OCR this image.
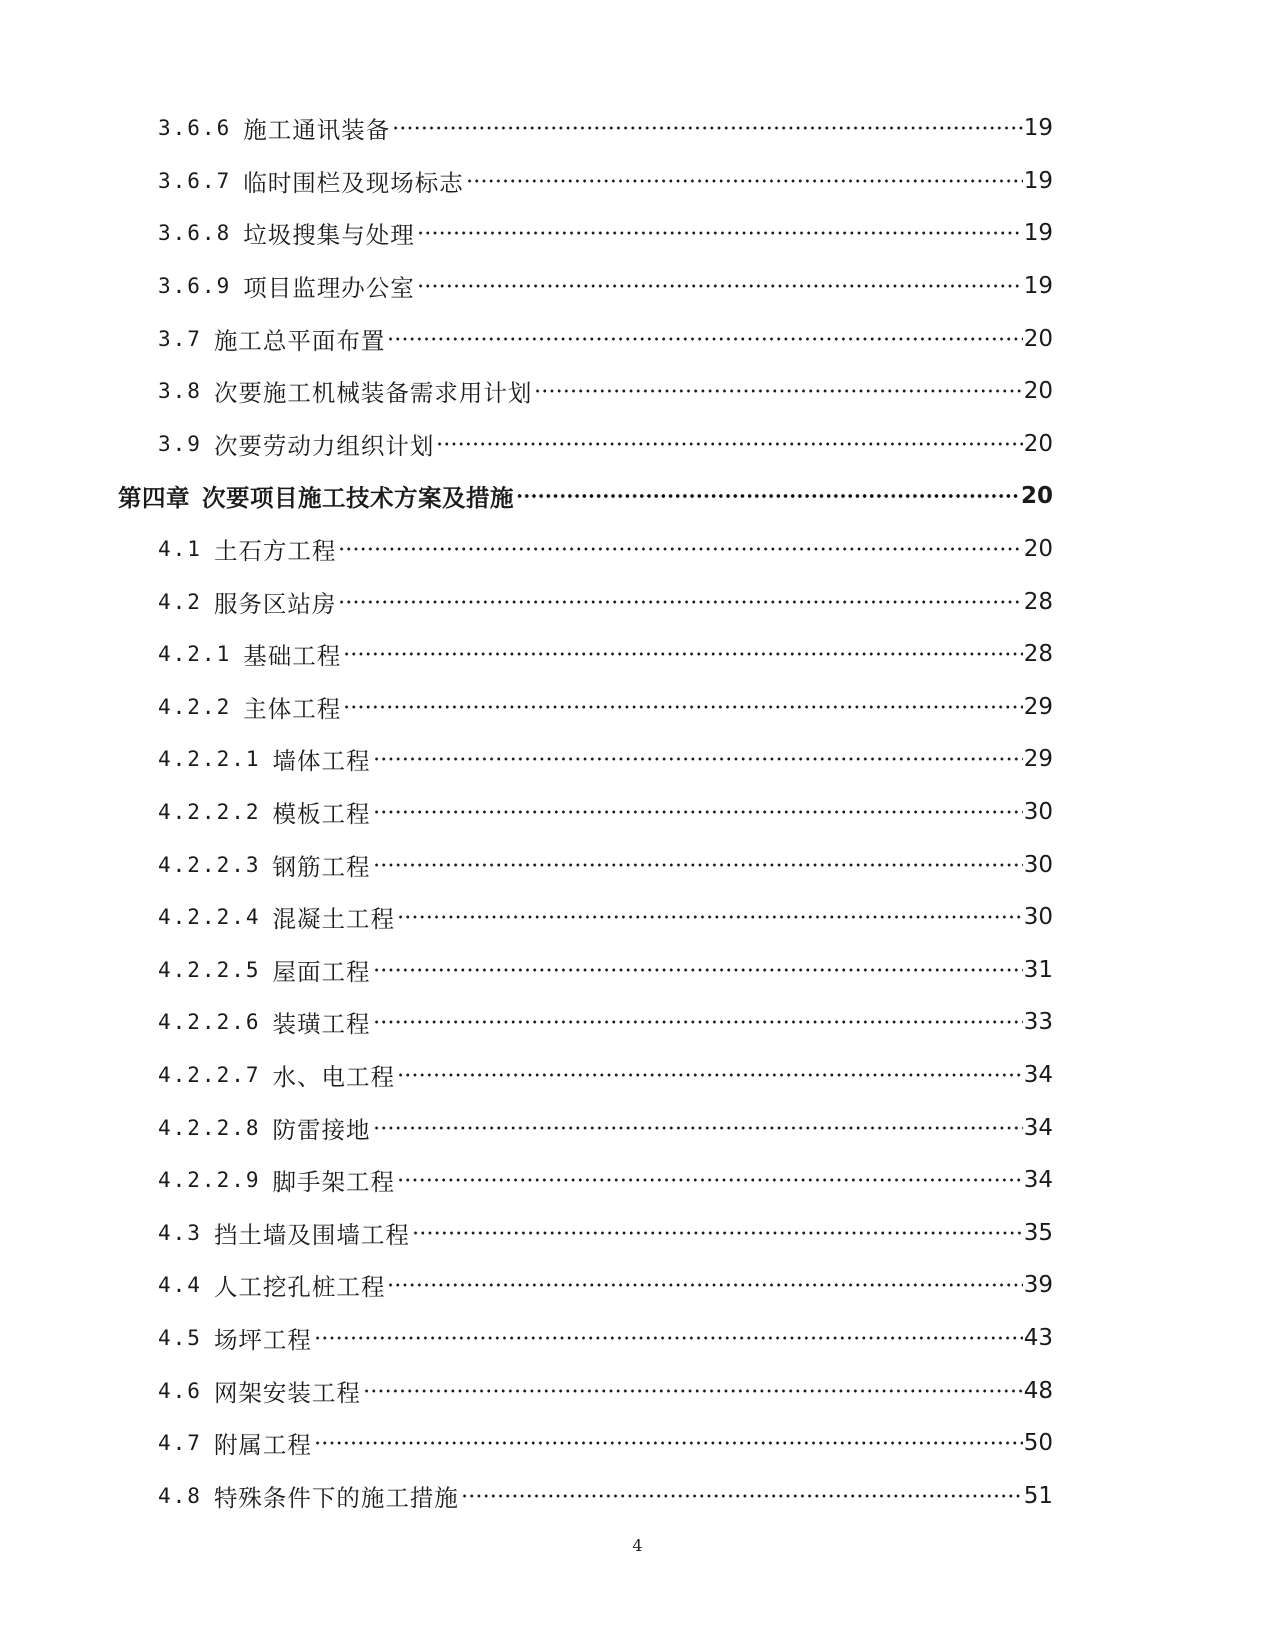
3.6.6 施工通讯装备	19
3.6.7 临时围栏及现场标志	19
3.6.8 垃圾搜集与处理	19
3.6.9 项目监理办公室	19
3.7 施工总平面布置	20
3.8 次要施工机械装备需求用计划	20
3.9 次要劳动力组织计划	20
第四章 次要项目施工技术方案及措施	20
4.1 土石方工程	20
4.2 服务区站房	28
4.2.1 基础工程	28
4.2.2 主体工程	29
4.2.2.1 墙体工程	29
4.2.2.2 模板工程	30
4.2.2.3 钢筋工程	30
4.2.2.4 混凝土工程	30
4.2.2.5 屋面工程	31
4.2.2.6 装璜工程	33
4.2.2.7 水、电工程	34
4.2.2.8 防雷接地	34
4.2.2.9 脚手架工程	34
4.3 挡土墙及围墙工程	35
4.4 人工挖孔桩工程	39
4.5 场坪工程	43
4.6 网架安装工程	48
4.7 附属工程	50
4.8 特殊条件下的施工措施	51
4
